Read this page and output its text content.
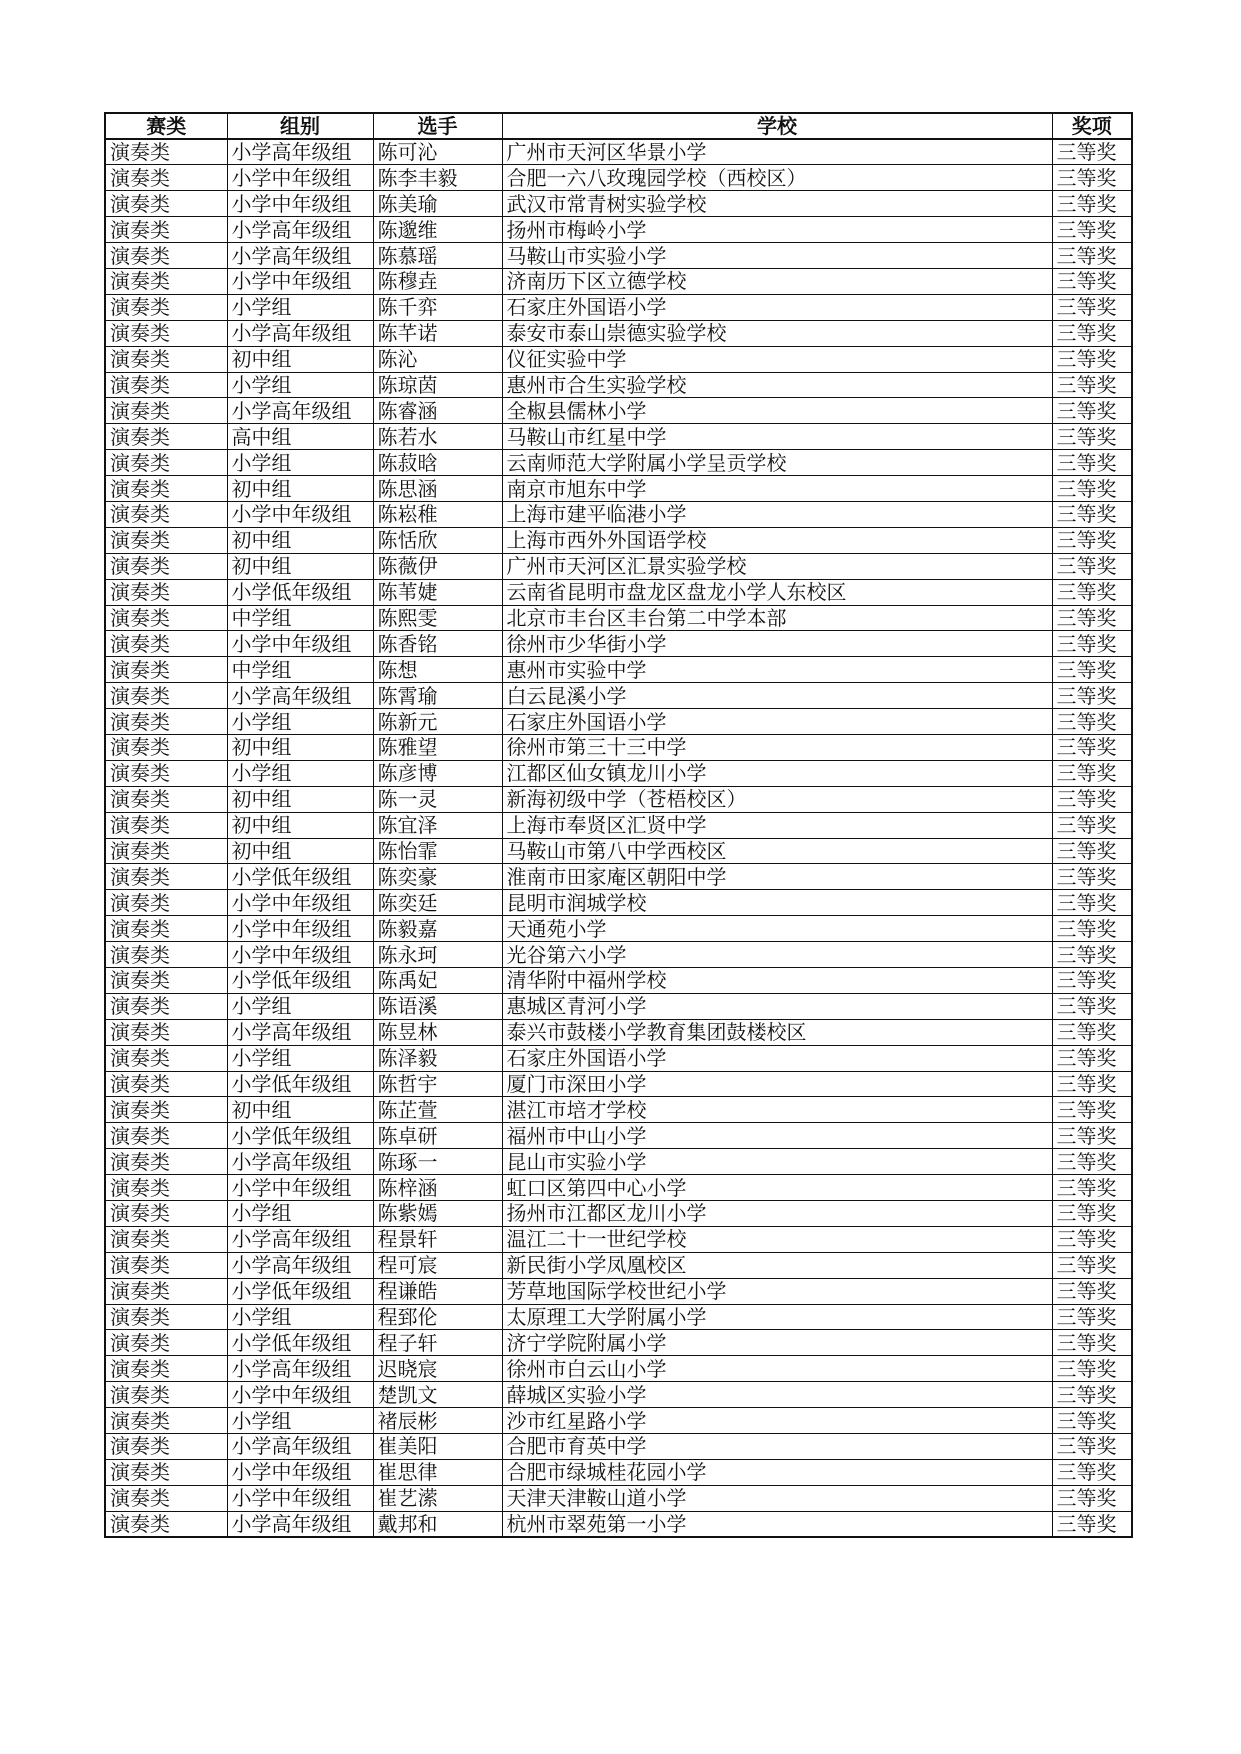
赛类	组别	选手	学校	奖项
演奏类	小学高年级组	陈可沁	广州市天河区华景小学	三等奖
演奏类	小学中年级组	陈李丰毅	合肥一六八玫瑰园学校（西校区）	三等奖
演奏类	小学中年级组	陈美瑜	武汉市常青树实验学校	三等奖
演奏类	小学高年级组	陈邈维	扬州市梅岭小学	三等奖
演奏类	小学高年级组	陈慕瑶	马鞍山市实验小学	三等奖
演奏类	小学中年级组	陈穆垚	济南历下区立德学校	三等奖
演奏类	小学组	陈千弈	石家庄外国语小学	三等奖
演奏类	小学高年级组	陈芊诺	泰安市泰山崇德实验学校	三等奖
演奏类	初中组	陈沁	仪征实验中学	三等奖
演奏类	小学组	陈琼茵	惠州市合生实验学校	三等奖
演奏类	小学高年级组	陈睿涵	全椒县儒林小学	三等奖
演奏类	高中组	陈若水	马鞍山市红星中学	三等奖
演奏类	小学组	陈菽晗	云南师范大学附属小学呈贡学校	三等奖
演奏类	初中组	陈思涵	南京市旭东中学	三等奖
演奏类	小学中年级组	陈崧稚	上海市建平临港小学	三等奖
演奏类	初中组	陈恬欣	上海市西外外国语学校	三等奖
演奏类	初中组	陈薇伊	广州市天河区汇景实验学校	三等奖
演奏类	小学低年级组	陈苇婕	云南省昆明市盘龙区盘龙小学人东校区	三等奖
演奏类	中学组	陈熙雯	北京市丰台区丰台第二中学本部	三等奖
演奏类	小学中年级组	陈香铭	徐州市少华街小学	三等奖
演奏类	中学组	陈想	惠州市实验中学	三等奖
演奏类	小学高年级组	陈霄瑜	白云昆溪小学	三等奖
演奏类	小学组	陈新元	石家庄外国语小学	三等奖
演奏类	初中组	陈雅望	徐州市第三十三中学	三等奖
演奏类	小学组	陈彦博	江都区仙女镇龙川小学	三等奖
演奏类	初中组	陈一灵	新海初级中学（苍梧校区）	三等奖
演奏类	初中组	陈宜泽	上海市奉贤区汇贤中学	三等奖
演奏类	初中组	陈怡霏	马鞍山市第八中学西校区	三等奖
演奏类	小学低年级组	陈奕豪	淮南市田家庵区朝阳中学	三等奖
演奏类	小学中年级组	陈奕廷	昆明市润城学校	三等奖
演奏类	小学中年级组	陈毅嘉	天通苑小学	三等奖
演奏类	小学中年级组	陈永珂	光谷第六小学	三等奖
演奏类	小学低年级组	陈禹妃	清华附中福州学校	三等奖
演奏类	小学组	陈语溪	惠城区青河小学	三等奖
演奏类	小学高年级组	陈昱林	泰兴市鼓楼小学教育集团鼓楼校区	三等奖
演奏类	小学组	陈泽毅	石家庄外国语小学	三等奖
演奏类	小学低年级组	陈哲宇	厦门市深田小学	三等奖
演奏类	初中组	陈芷萱	湛江市培才学校	三等奖
演奏类	小学低年级组	陈卓研	福州市中山小学	三等奖
演奏类	小学高年级组	陈琢一	昆山市实验小学	三等奖
演奏类	小学中年级组	陈梓涵	虹口区第四中心小学	三等奖
演奏类	小学组	陈紫嫣	扬州市江都区龙川小学	三等奖
演奏类	小学高年级组	程景轩	温江二十一世纪学校	三等奖
演奏类	小学高年级组	程可宸	新民街小学凤凰校区	三等奖
演奏类	小学低年级组	程谦皓	芳草地国际学校世纪小学	三等奖
演奏类	小学组	程郅伦	太原理工大学附属小学	三等奖
演奏类	小学低年级组	程子轩	济宁学院附属小学	三等奖
演奏类	小学高年级组	迟晓宸	徐州市白云山小学	三等奖
演奏类	小学中年级组	楚凯文	薛城区实验小学	三等奖
演奏类	小学组	褚辰彬	沙市红星路小学	三等奖
演奏类	小学高年级组	崔美阳	合肥市育英中学	三等奖
演奏类	小学中年级组	崔思律	合肥市绿城桂花园小学	三等奖
演奏类	小学中年级组	崔艺潆	天津天津鞍山道小学	三等奖
演奏类	小学高年级组	戴邦和	杭州市翠苑第一小学	三等奖
